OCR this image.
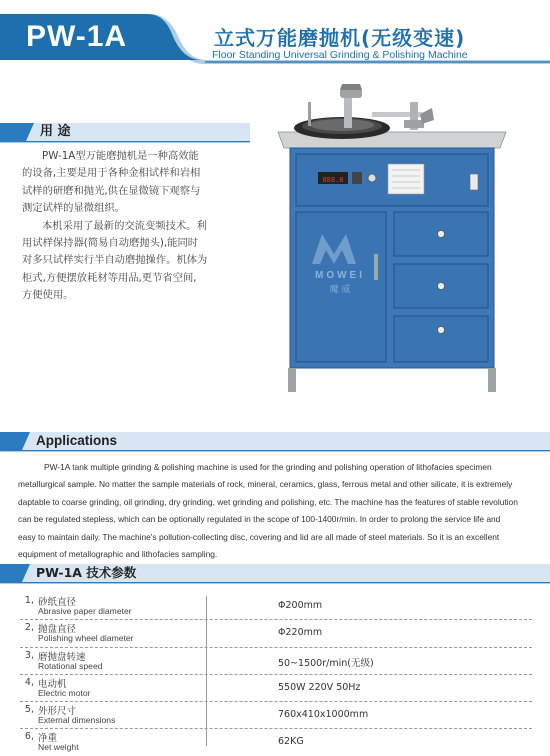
PW-1A	立式万能磨抛机(无级变速)
Floor Standing Universal Grinding & Polishing Machine
用 途
PW-1A型万能磨抛机是一种高效能
的设备,主要是用于各种金相试样和岩相
试样的研磨和抛光,供在显微镜下观察与
测定试样的显微组织。
本机采用了最新的交流变频技术。利
用试样保持器(简易自动磨抛头),能同时
对多只试样实行半自动磨抛操作。机体为
柜式,方便摆放耗材等用品,更节省空间,
方便使用。
888.8
MOWEI
魔 威
Applications
PW-1A tank multiple grinding & polishing machine is used for the grinding and polishing operation of lithofacies specimen
metallurgical sample. No matter the sample materials of rock, mineral, ceramics, glass, ferrous metal and other silicate, it is extremely
daptable to coarse grinding, oil grinding, dry grinding, wet grinding and polishing, etc. The machine has the features of stable revolution
can be regulated stepless, which can be optionally regulated in the scope of 100-1400r/min. In order to prolong the service life and
easy to maintain daily. The machine's pollution-collecting disc, covering and lid are all made of steel materials. So it is an excellent
equipment of metallographic and lithofacies sampling.
PW-1A 技术参数
1, 砂纸直径
Abrasive paper diameter	Φ200mm
2, 抛盘直径
Polishing wheel diameter	Φ220mm
3, 磨抛盘转速
Rotational speed	50~1500r/min(无级)
4, 电动机
Electric motor	550W 220V 50Hz
5, 外形尺寸
External dimensions	760x410x1000mm
6, 净重
Net weight	62KG
